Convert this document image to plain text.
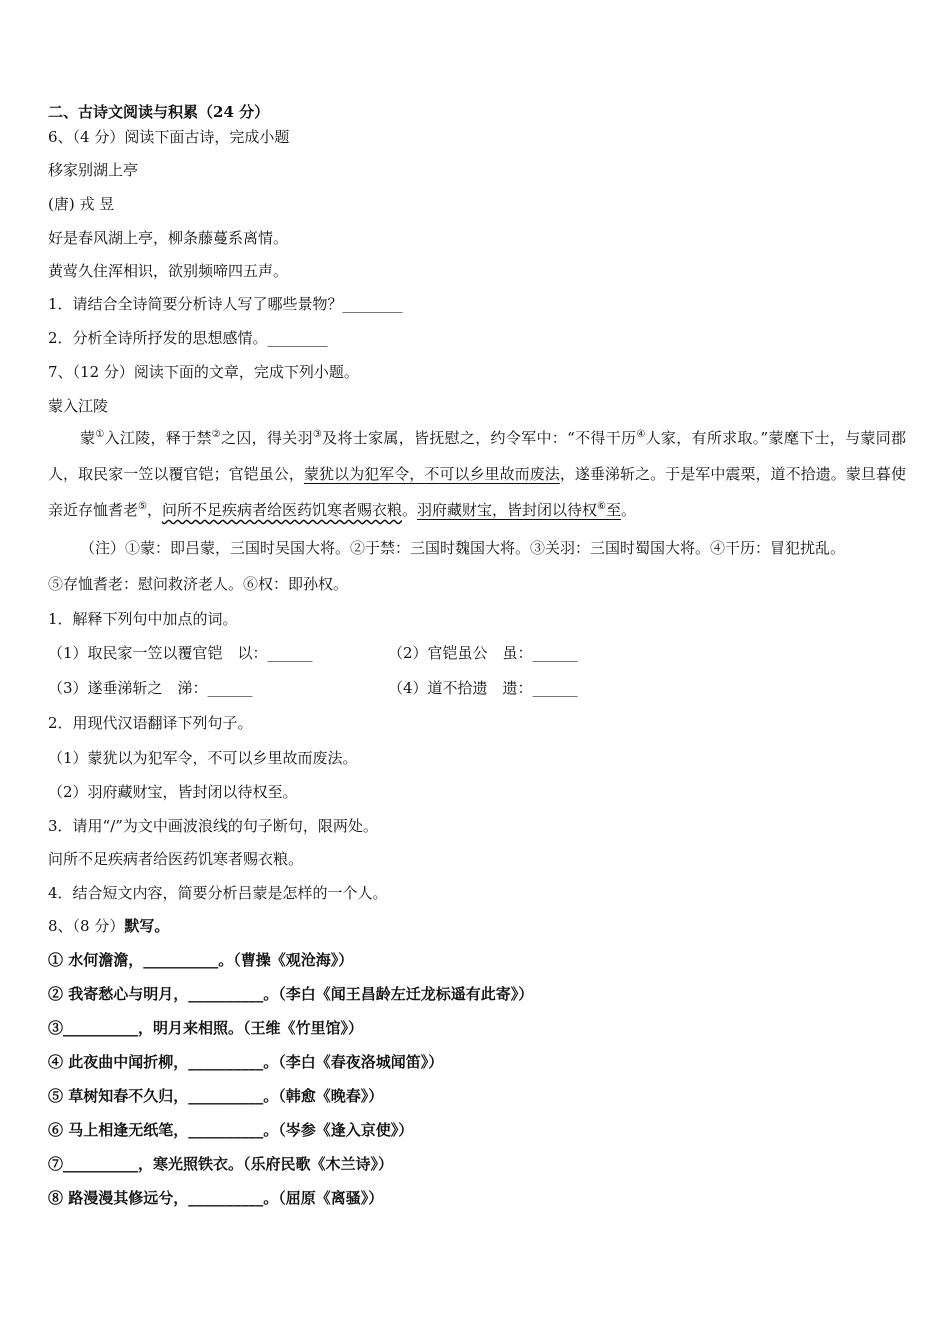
二、古诗文阅读与积累（24 分）
6、（4 分）阅读下面古诗，完成小题
移家别湖上亭
(唐) 戎 昱
好是春风湖上亭，柳条藤蔓系离情。
黄莺久住浑相识，欲别频啼四五声。
1．请结合全诗简要分析诗人写了哪些景物？________
2．分析全诗所抒发的思想感情。________
7、（12 分）阅读下面的文章，完成下列小题。
蒙入江陵
蒙①入江陵，释于禁②之囚，得关羽③及将士家属，皆抚慰之，约令军中：“不得干历④人家，有所求取。”蒙麾下士，与蒙同郡人，取民家一笠以覆官铠；官铠虽公，蒙犹以为犯军令，不可以乡里故而废法，遂垂涕斩之。于是军中震栗，道不拾遗。蒙旦暮使亲近存恤耆老⑤，问所不足疾病者给医药饥寒者赐衣粮。羽府藏财宝，皆封闭以待权⑥至。
（注）①蒙：即吕蒙，三国时吴国大将。②于禁：三国时魏国大将。③关羽：三国时蜀国大将。④干历：冒犯扰乱。
⑤存恤耆老：慰问救济老人。⑥权：即孙权。
1．解释下列句中加点的词。
（1）取民家一笠以覆官铠　以：______	（2）官铠虽公　虽：______
（3）遂垂涕斩之　涕：______	（4）道不拾遗　遗：______
2．用现代汉语翻译下列句子。
（1）蒙犹以为犯军令，不可以乡里故而废法。
（2）羽府藏财宝，皆封闭以待权至。
3．请用“/”为文中画波浪线的句子断句，限两处。
问所不足疾病者给医药饥寒者赐衣粮。
4．结合短文内容，简要分析吕蒙是怎样的一个人。
8、（8 分）默写。
① 水何澹澹，__________。（曹操《观沧海》）
② 我寄愁心与明月，__________。（李白《闻王昌龄左迁龙标遥有此寄》）
③__________，明月来相照。（王维《竹里馆》）
④ 此夜曲中闻折柳，__________。（李白《春夜洛城闻笛》）
⑤ 草树知春不久归，__________。（韩愈《晚春》）
⑥ 马上相逢无纸笔，__________。（岑参《逢入京使》）
⑦__________，寒光照铁衣。（乐府民歌《木兰诗》）
⑧ 路漫漫其修远兮，__________。（屈原《离骚》）
